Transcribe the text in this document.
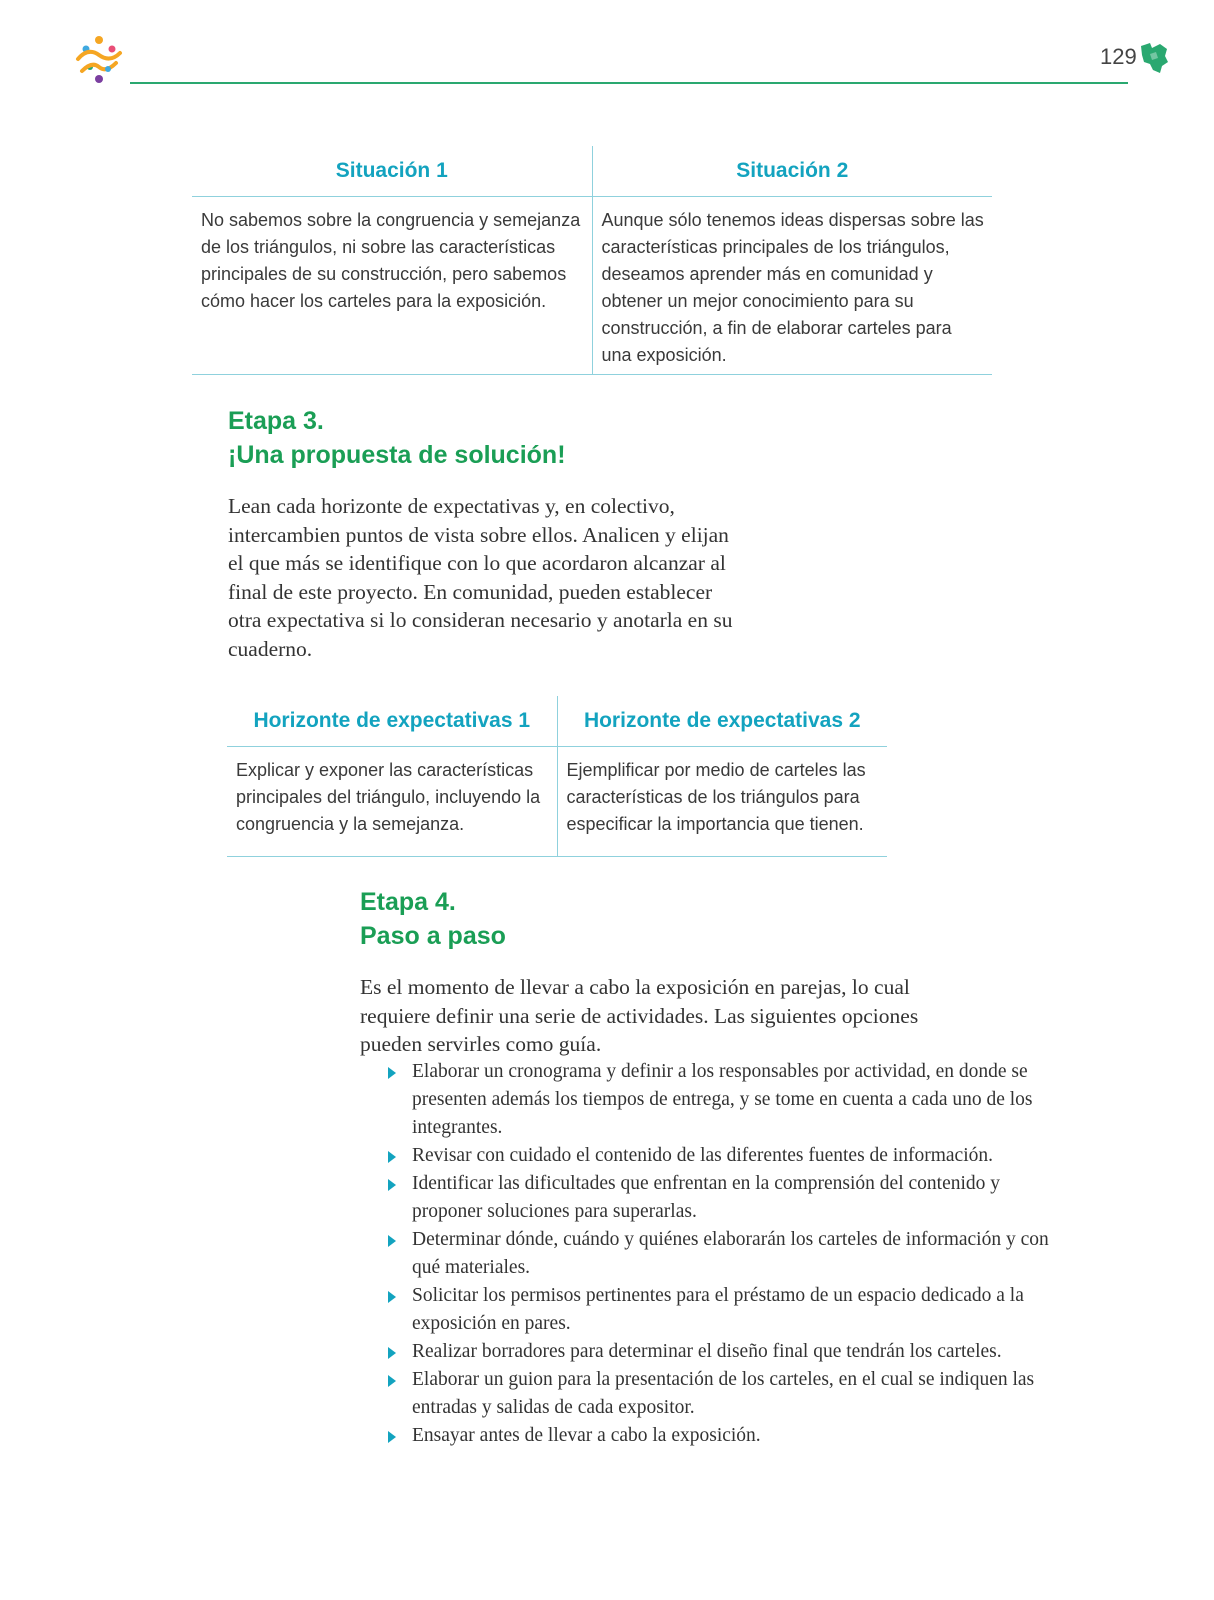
129
Situación 1	Situación 2
No sabemos sobre la congruencia y semejanza de los triángulos, ni sobre las características principales de su construcción, pero sabemos cómo hacer los carteles para la exposición.	Aunque sólo tenemos ideas dispersas sobre las características principales de los triángulos, deseamos aprender más en comunidad y obtener un mejor conocimiento para su construcción, a fin de elaborar carteles para una exposición.
Etapa 3.
¡Una propuesta de solución!

Lean cada horizonte de expectativas y, en colectivo, intercambien puntos de vista sobre ellos. Analicen y elijan el que más se identifique con lo que acordaron alcanzar al final de este proyecto. En comunidad, pueden establecer otra expectativa si lo consideran necesario y anotarla en su cuaderno.

Horizonte de expectativas 1	Horizonte de expectativas 2
Explicar y exponer las características principales del triángulo, incluyendo la congruencia y la semejanza.	Ejemplificar por medio de carteles las características de los triángulos para especificar la importancia que tienen.
Etapa 4.
Paso a paso

Es el momento de llevar a cabo la exposición en parejas, lo cual requiere definir una serie de actividades. Las siguientes opciones pueden servirles como guía.

Elaborar un cronograma y definir a los responsables por actividad, en donde se presenten además los tiempos de entrega, y se tome en cuenta a cada uno de los integrantes.
Revisar con cuidado el contenido de las diferentes fuentes de información.
Identificar las dificultades que enfrentan en la comprensión del contenido y proponer soluciones para superarlas.
Determinar dónde, cuándo y quiénes elaborarán los carteles de información y con qué materiales.
Solicitar los permisos pertinentes para el préstamo de un espacio dedicado a la exposición en pares.
Realizar borradores para determinar el diseño final que tendrán los carteles.
Elaborar un guion para la presentación de los carteles, en el cual se indiquen las entradas y salidas de cada expositor.
Ensayar antes de llevar a cabo la exposición.
